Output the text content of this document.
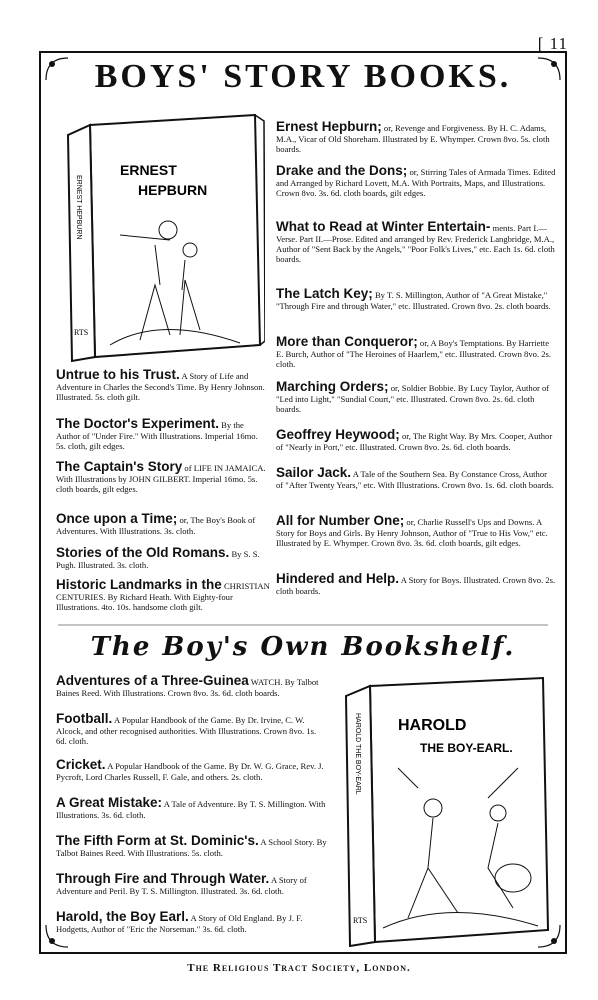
[ 11
BOYS' STORY BOOKS.
The Boy's Own Bookshelf.
ERNEST
HEPBURN
ERNEST HEPBURN
RTS
HAROLD
THE BOY-EARL.
HAROLD THE BOY-EARL
RTS
Untrue to his Trust. A Story of Life and Adventure in Charles the Second's Time. By Henry Johnson. Illustrated. 5s. cloth gilt.
The Doctor's Experiment. By the Author of "Under Fire." With Illustrations. Imperial 16mo. 5s. cloth, gilt edges.
The Captain's Story of LIFE IN JAMAICA. With Illustrations by JOHN GILBERT. Imperial 16mo. 5s. cloth boards, gilt edges.
Once upon a Time; or, The Boy's Book of Adventures. With Illustrations. 3s. cloth.
Stories of the Old Romans. By S. S. Pugh. Illustrated. 3s. cloth.
Historic Landmarks in the CHRISTIAN CENTURIES. By Richard Heath. With Eighty-four Illustrations. 4to. 10s. handsome cloth gilt.
Ernest Hepburn; or, Revenge and Forgiveness. By H. C. Adams, M.A., Vicar of Old Shoreham. Illustrated by E. Whymper. Crown 8vo. 5s. cloth boards.
Drake and the Dons; or, Stirring Tales of Armada Times. Edited and Arranged by Richard Lovett, M.A. With Portraits, Maps, and Illustrations. Crown 8vo. 3s. 6d. cloth boards, gilt edges.
What to Read at Winter Entertain- ments. Part I.—Verse. Part II.—Prose. Edited and arranged by Rev. Frederick Langbridge, M.A., Author of "Sent Back by the Angels," "Poor Folk's Lives," etc. Each 1s. 6d. cloth boards.
The Latch Key; By T. S. Millington, Author of "A Great Mistake," "Through Fire and through Water," etc. Illustrated. Crown 8vo. 2s. cloth boards.
More than Conqueror; or, A Boy's Temptations. By Harriette E. Burch, Author of "The Heroines of Haarlem," etc. Illustrated. Crown 8vo. 2s. cloth.
Marching Orders; or, Soldier Bobbie. By Lucy Taylor, Author of "Led into Light," "Sundial Court," etc. Illustrated. Crown 8vo. 2s. 6d. cloth boards.
Geoffrey Heywood; or, The Right Way. By Mrs. Cooper, Author of "Nearly in Port," etc. Illustrated. Crown 8vo. 2s. 6d. cloth boards.
Sailor Jack. A Tale of the Southern Sea. By Constance Cross, Author of "After Twenty Years," etc. With Illustrations. Crown 8vo. 1s. 6d. cloth boards.
All for Number One; or, Charlie Russell's Ups and Downs. A Story for Boys and Girls. By Henry Johnson, Author of "True to His Vow," etc. Illustrated by E. Whymper. Crown 8vo. 3s. 6d. cloth boards, gilt edges.
Hindered and Help. A Story for Boys. Illustrated. Crown 8vo. 2s. cloth boards.
Adventures of a Three-Guinea WATCH. By Talbot Baines Reed. With Illustrations. Crown 8vo. 3s. 6d. cloth boards.
Football. A Popular Handbook of the Game. By Dr. Irvine, C. W. Alcock, and other recognised authorities. With Illustrations. Crown 8vo. 1s. 6d. cloth.
Cricket. A Popular Handbook of the Game. By Dr. W. G. Grace, Rev. J. Pycroft, Lord Charles Russell, F. Gale, and others. 2s. cloth.
A Great Mistake: A Tale of Adventure. By T. S. Millington. With Illustrations. 3s. 6d. cloth.
The Fifth Form at St. Dominic's. A School Story. By Talbot Baines Reed. With Illustrations. 5s. cloth.
Through Fire and Through Water. A Story of Adventure and Peril. By T. S. Millington. Illustrated. 3s. 6d. cloth.
Harold, the Boy Earl. A Story of Old England. By J. F. Hodgetts, Author of "Eric the Norseman." 3s. 6d. cloth.
The Religious Tract Society, London.
